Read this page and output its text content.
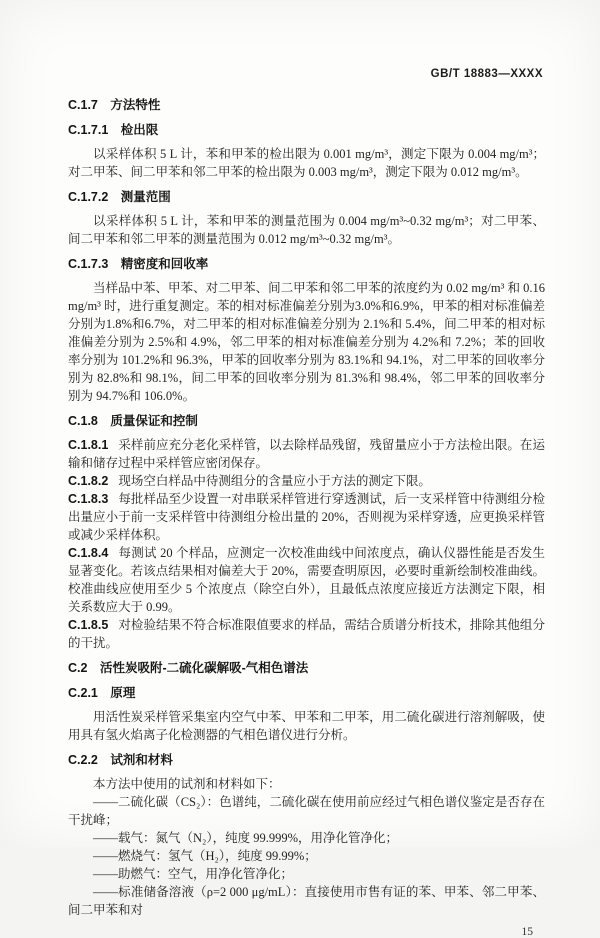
GB/T 18883—XXXX
C.1.7　方法特性
C.1.7.1　检出限

以采样体积 5 L 计，苯和甲苯的检出限为 0.001 mg/m³，测定下限为 0.004 mg/m³；对二甲苯、间二甲苯和邻二甲苯的检出限为 0.003 mg/m³，测定下限为 0.012 mg/m³。

C.1.7.2　测量范围

以采样体积 5 L 计，苯和甲苯的测量范围为 0.004 mg/m³~0.32 mg/m³；对二甲苯、间二甲苯和邻二甲苯的测量范围为 0.012 mg/m³~0.32 mg/m³。

C.1.7.3　精密度和回收率

当样品中苯、甲苯、对二甲苯、间二甲苯和邻二甲苯的浓度约为 0.02 mg/m³ 和 0.16 mg/m³ 时，进行重复测定。苯的相对标准偏差分别为3.0%和6.9%，甲苯的相对标准偏差分别为1.8%和6.7%，对二甲苯的相对标准偏差分别为 2.1%和 5.4%，间二甲苯的相对标准偏差分别为 2.5%和 4.9%，邻二甲苯的相对标准偏差分别为 4.2%和 7.2%；苯的回收率分别为 101.2%和 96.3%，甲苯的回收率分别为 83.1%和 94.1%，对二甲苯的回收率分别为 82.8%和 98.1%，间二甲苯的回收率分别为 81.3%和 98.4%，邻二甲苯的回收率分别为 94.7%和 106.0%。

C.1.8　质量保证和控制

C.1.8.1 采样前应充分老化采样管，以去除样品残留，残留量应小于方法检出限。在运输和储存过程中采样管应密闭保存。

C.1.8.2 现场空白样品中待测组分的含量应小于方法的测定下限。

C.1.8.3 每批样品至少设置一对串联采样管进行穿透测试，后一支采样管中待测组分检出量应小于前一支采样管中待测组分检出量的 20%，否则视为采样穿透，应更换采样管或减少采样体积。

C.1.8.4 每测试 20 个样品，应测定一次校准曲线中间浓度点，确认仪器性能是否发生显著变化。若该点结果相对偏差大于 20%，需要查明原因，必要时重新绘制校准曲线。校准曲线应使用至少 5 个浓度点（除空白外），且最低点浓度应接近方法测定下限，相关系数应大于 0.99。

C.1.8.5 对检验结果不符合标准限值要求的样品，需结合质谱分析技术，排除其他组分的干扰。

C.2　活性炭吸附-二硫化碳解吸-气相色谱法
C.2.1　原理

用活性炭采样管采集室内空气中苯、甲苯和二甲苯，用二硫化碳进行溶剂解吸，使用具有氢火焰离子化检测器的气相色谱仪进行分析。

C.2.2　试剂和材料

本方法中使用的试剂和材料如下：

——二硫化碳（CS₂）：色谱纯，二硫化碳在使用前应经过气相色谱仪鉴定是否存在干扰峰；

——载气：氮气（N₂），纯度 99.999%，用净化管净化；

——燃烧气：氢气（H₂），纯度 99.99%；

——助燃气：空气，用净化管净化；

——标准储备溶液（ρ=2 000 μg/mL）：直接使用市售有证的苯、甲苯、邻二甲苯、间二甲苯和对

15
